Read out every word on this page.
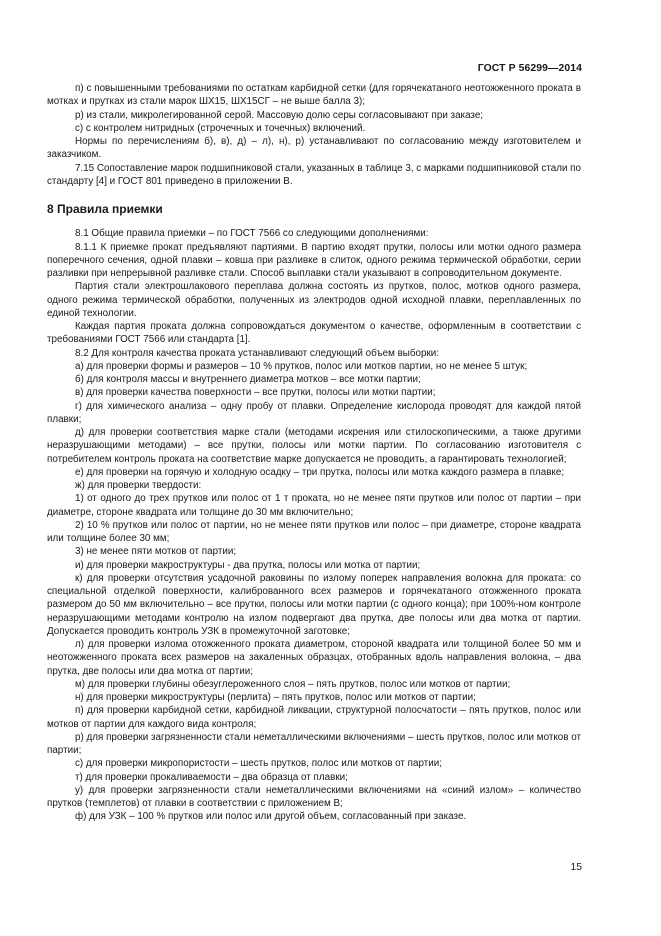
ГОСТ Р 56299—2014

п) с повышенными требованиями по остаткам карбидной сетки (для горячекатаного неотожженного проката в мотках и прутках из стали марок ШХ15, ШХ15СГ – не выше балла 3);

р) из стали, микролегированной серой. Массовую долю серы согласовывают при заказе;

с) с контролем нитридных (строчечных и точечных) включений.

Нормы по перечислениям б), в), д) – л), н), р) устанавливают по согласованию между изготовителем и заказчиком.

7.15 Сопоставление марок подшипниковой стали, указанных в таблице 3, с марками подшипниковой стали по стандарту [4] и ГОСТ 801 приведено в приложении В.

8 Правила приемки

8.1 Общие правила приемки – по ГОСТ 7566 со следующими дополнениями:

8.1.1 К приемке прокат предъявляют партиями. В партию входят прутки, полосы или мотки одного размера поперечного сечения, одной плавки – ковша при разливке в слиток, одного режима термической обработки, серии разливки при непрерывной разливке стали. Способ выплавки стали указывают в сопроводительном документе.

Партия стали электрошлакового переплава должна состоять из прутков, полос, мотков одного размера, одного режима термической обработки, полученных из электродов одной исходной плавки, переплавленных по единой технологии.

Каждая партия проката должна сопровождаться документом о качестве, оформленным в соответствии с требованиями ГОСТ 7566 или стандарта [1].

8.2 Для контроля качества проката устанавливают следующий объем выборки:

а) для проверки формы и размеров – 10 % прутков, полос или мотков партии, но не менее 5 штук;

б) для контроля массы и внутреннего диаметра мотков – все мотки партии;

в) для проверки качества поверхности – все прутки, полосы или мотки партии;

г) для химического анализа – одну пробу от плавки. Определение кислорода проводят для каждой пятой плавки;

д) для проверки соответствия марке стали (методами искрения или стилоскопическими, а также другими неразрушающими методами) – все прутки, полосы или мотки партии. По согласованию изготовителя с потребителем контроль проката на соответствие марке допускается не проводить, а гарантировать технологией;

е) для проверки на горячую и холодную осадку – три прутка, полосы или мотка каждого размера в плавке;

ж) для проверки твердости:

1) от одного до трех прутков или полос от 1 т проката, но не менее пяти прутков или полос от партии – при диаметре, стороне квадрата или толщине до 30 мм включительно;

2) 10 % прутков или полос от партии, но не менее пяти прутков или полос – при диаметре, стороне квадрата или толщине более 30 мм;

3) не менее пяти мотков от партии;

и) для проверки макроструктуры - два прутка, полосы или мотка от партии;

к) для проверки отсутствия усадочной раковины по излому поперек направления волокна для проката: со специальной отделкой поверхности, калиброванного всех размеров и горячекатаного отожженного проката размером до 50 мм включительно – все прутки, полосы или мотки партии (с одного конца); при 100%-ном контроле неразрушающими методами контролю на излом подвергают два прутка, две полосы или два мотка от партии. Допускается проводить контроль УЗК в промежуточной заготовке;

л) для проверки излома отожженного проката диаметром, стороной квадрата или толщиной более 50 мм и неотожженного проката всех размеров на закаленных образцах, отобранных вдоль направления волокна, – два прутка, две полосы или два мотка от партии;

м) для проверки глубины обезуглероженного слоя – пять прутков, полос или мотков от партии;

н) для проверки микроструктуры (перлита) – пять прутков, полос или мотков от партии;

п) для проверки карбидной сетки, карбидной ликвации, структурной полосчатости – пять прутков, полос или мотков от партии для каждого вида контроля;

р) для проверки загрязненности стали неметаллическими включениями – шесть прутков, полос или мотков от партии;

с) для проверки микропористости – шесть прутков, полос или мотков от партии;

т) для проверки прокаливаемости – два образца от плавки;

у) для проверки загрязненности стали неметаллическими включениями на «синий излом» – количество прутков (темплетов) от плавки в соответствии с приложением В;

ф) для УЗК – 100 % прутков или полос или другой объем, согласованный при заказе.

15
